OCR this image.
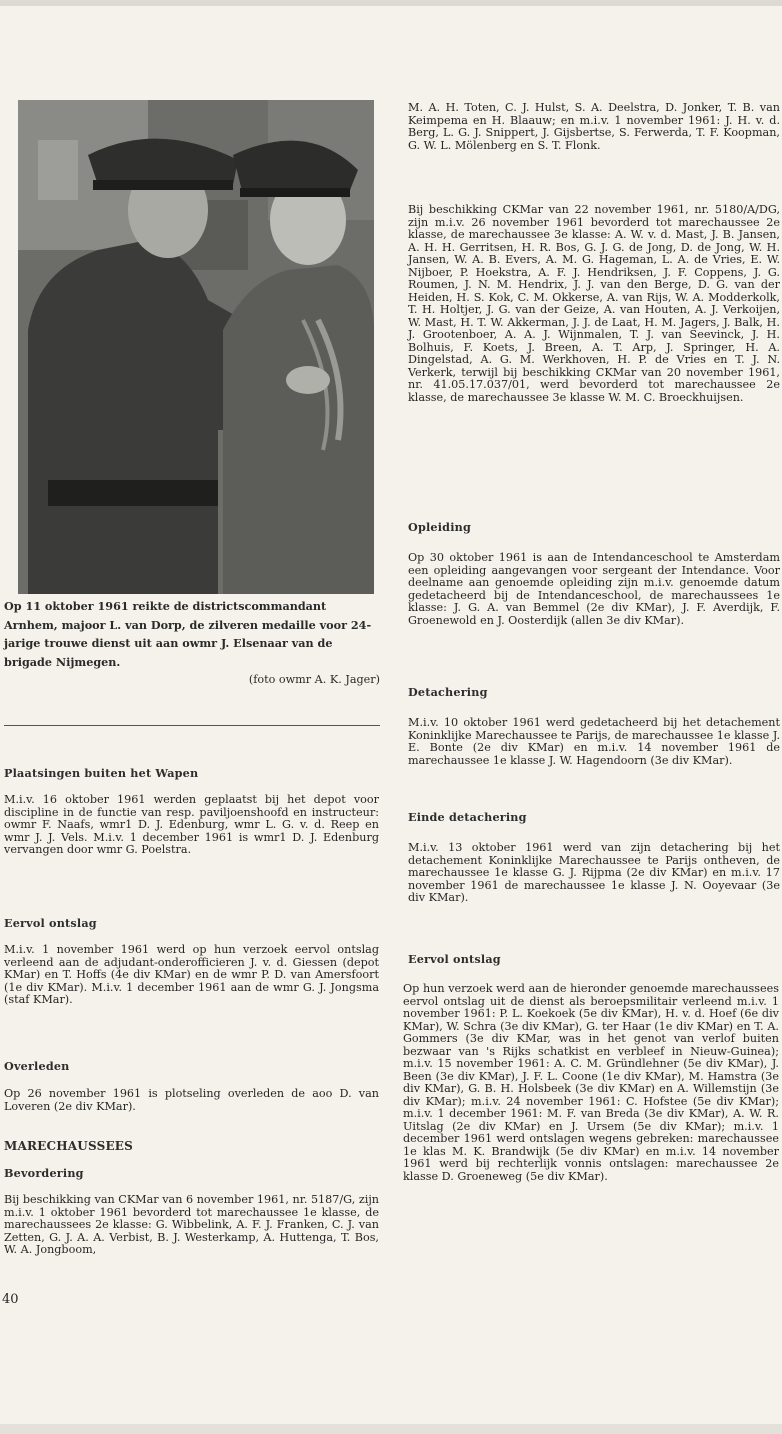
Op 11 oktober 1961 reikte de districtscommandant Arnhem, majoor L. van Dorp, de zilveren medaille voor 24-jarige trouwe dienst uit aan owmr J. Elsenaar van de brigade Nijmegen.
(foto owmr A. K. Jager)
Plaatsingen buiten het Wapen

M.i.v. 16 oktober 1961 werden geplaatst bij het depot voor discipline in de functie van resp. paviljoenshoofd en instructeur: owmr F. Naafs, wmr1 D. J. Edenburg, wmr L. G. v. d. Reep en wmr J. J. Vels. M.i.v. 1 december 1961 is wmr1 D. J. Edenburg vervangen door wmr G. Poelstra.

Eervol ontslag

M.i.v. 1 november 1961 werd op hun verzoek eervol ontslag verleend aan de adjudant-onderofficieren J. v. d. Giessen (depot KMar) en T. Hoffs (4e div KMar) en de wmr P. D. van Amersfoort (1e div KMar). M.i.v. 1 december 1961 aan de wmr G. J. Jongsma (staf KMar).

Overleden

Op 26 november 1961 is plotseling overleden de aoo D. van Loveren (2e div KMar).

MARECHAUSSEES
Bevordering

Bij beschikking van CKMar van 6 november 1961, nr. 5187/G, zijn m.i.v. 1 oktober 1961 bevorderd tot marechaussee 1e klasse, de marechaussees 2e klasse: G. Wibbelink, A. F. J. Franken, C. J. van Zetten, G. J. A. A. Verbist, B. J. Westerkamp, A. Huttenga, T. Bos, W. A. Jongboom,

40

M. A. H. Toten, C. J. Hulst, S. A. Deelstra, D. Jonker, T. B. van Keimpema en H. Blaauw; en m.i.v. 1 november 1961: J. H. v. d. Berg, L. G. J. Snippert, J. Gijsbertse, S. Ferwerda, T. F. Koopman, G. W. L. Mölenberg en S. T. Flonk.

Bij beschikking CKMar van 22 november 1961, nr. 5180/A/DG, zijn m.i.v. 26 november 1961 bevorderd tot marechaussee 2e klasse, de marechaussee 3e klasse: A. W. v. d. Mast, J. B. Jansen, A. H. H. Gerritsen, H. R. Bos, G. J. G. de Jong, D. de Jong, W. H. Jansen, W. A. B. Evers, A. M. G. Hageman, L. A. de Vries, E. W. Nijboer, P. Hoekstra, A. F. J. Hendriksen, J. F. Coppens, J. G. Roumen, J. N. M. Hendrix, J. J. van den Berge, D. G. van der Heiden, H. S. Kok, C. M. Okkerse, A. van Rijs, W. A. Modderkolk, T. H. Holtjer, J. G. van der Geize, A. van Houten, A. J. Verkoijen, W. Mast, H. T. W. Akkerman, J. J. de Laat, H. M. Jagers, J. Balk, H. J. Grootenboer, A. A. J. Wijnmalen, T. J. van Seevinck, J. H. Bolhuis, F. Koets, J. Breen, A. T. Arp, J. Springer, H. A. Dingelstad, A. G. M. Werkhoven, H. P. de Vries en T. J. N. Verkerk, terwijl bij beschikking CKMar van 20 november 1961, nr. 41.05.17.037/01, werd bevorderd tot marechaussee 2e klasse, de marechaussee 3e klasse W. M. C. Broeckhuijsen.

Opleiding

Op 30 oktober 1961 is aan de Intendanceschool te Amsterdam een opleiding aangevangen voor sergeant der Intendance. Voor deelname aan genoemde opleiding zijn m.i.v. genoemde datum gedetacheerd bij de Intendanceschool, de marechaussees 1e klasse: J. G. A. van Bemmel (2e div KMar), J. F. Averdijk, F. Groenewold en J. Oosterdijk (allen 3e div KMar).

Detachering

M.i.v. 10 oktober 1961 werd gedetacheerd bij het detachement Koninklijke Marechaussee te Parijs, de marechaussee 1e klasse J. E. Bonte (2e div KMar) en m.i.v. 14 november 1961 de marechaussee 1e klasse J. W. Hagendoorn (3e div KMar).

Einde detachering

M.i.v. 13 oktober 1961 werd van zijn detachering bij het detachement Koninklijke Marechaussee te Parijs ontheven, de marechaussee 1e klasse G. J. Rijpma (2e div KMar) en m.i.v. 17 november 1961 de marechaussee 1e klasse J. N. Ooyevaar (3e div KMar).

Eervol ontslag

Op hun verzoek werd aan de hieronder genoemde marechaussees eervol ontslag uit de dienst als beroepsmilitair verleend m.i.v. 1 november 1961: P. L. Koekoek (5e div KMar), H. v. d. Hoef (6e div KMar), W. Schra (3e div KMar), G. ter Haar (1e div KMar) en T. A. Gommers (3e div KMar, was in het genot van verlof buiten bezwaar van 's Rijks schatkist en verbleef in Nieuw-Guinea); m.i.v. 15 november 1961: A. C. M. Gründlehner (5e div KMar), J. Been (3e div KMar), J. F. L. Coone (1e div KMar), M. Hamstra (3e div KMar), G. B. H. Holsbeek (3e div KMar) en A. Willemstijn (3e div KMar); m.i.v. 24 november 1961: C. Hofstee (5e div KMar); m.i.v. 1 december 1961: M. F. van Breda (3e div KMar), A. W. R. Uitslag (2e div KMar) en J. Ursem (5e div KMar); m.i.v. 1 december 1961 werd ontslagen wegens gebreken: marechaussee 1e klas M. K. Brandwijk (5e div KMar) en m.i.v. 14 november 1961 werd bij rechterlijk vonnis ontslagen: marechaussee 2e klasse D. Groeneweg (5e div KMar).
